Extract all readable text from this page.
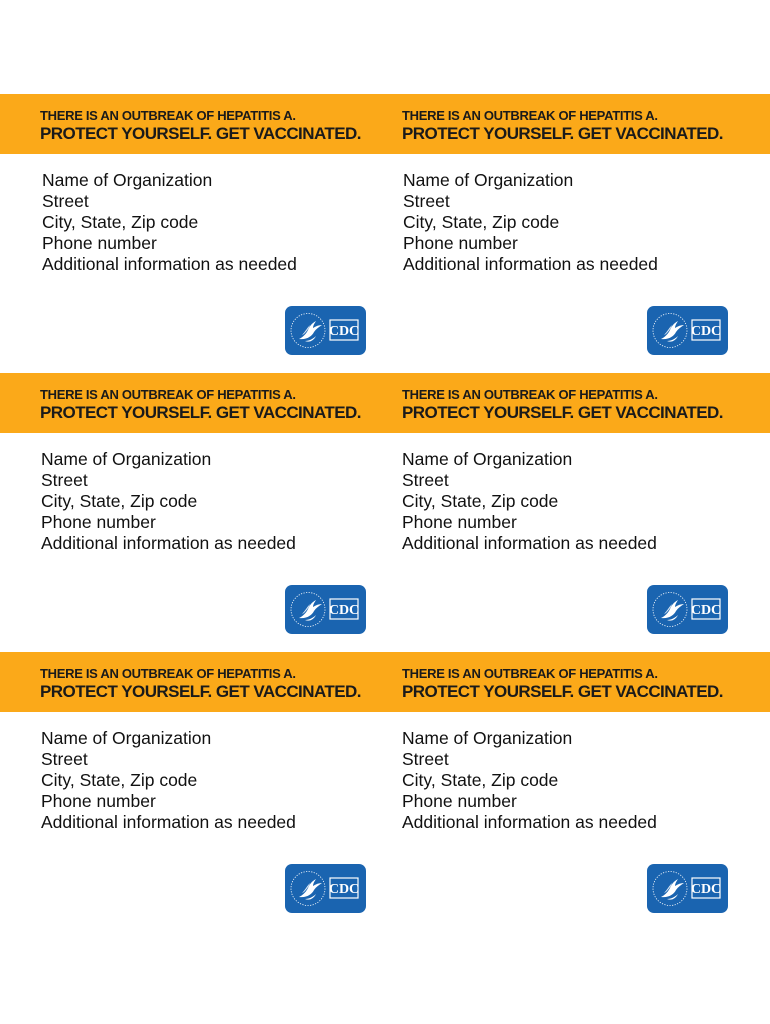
THERE IS AN OUTBREAK OF HEPATITIS A.
PROTECT YOURSELF. GET VACCINATED.
Name of Organization
Street
City, State, Zip code
Phone number
Additional information as needed
CDC
THERE IS AN OUTBREAK OF HEPATITIS A.
PROTECT YOURSELF. GET VACCINATED.
Name of Organization
Street
City, State, Zip code
Phone number
Additional information as needed
CDC
THERE IS AN OUTBREAK OF HEPATITIS A.
PROTECT YOURSELF. GET VACCINATED.
Name of Organization
Street
City, State, Zip code
Phone number
Additional information as needed
CDC
THERE IS AN OUTBREAK OF HEPATITIS A.
PROTECT YOURSELF. GET VACCINATED.
Name of Organization
Street
City, State, Zip code
Phone number
Additional information as needed
CDC
THERE IS AN OUTBREAK OF HEPATITIS A.
PROTECT YOURSELF. GET VACCINATED.
Name of Organization
Street
City, State, Zip code
Phone number
Additional information as needed
CDC
THERE IS AN OUTBREAK OF HEPATITIS A.
PROTECT YOURSELF. GET VACCINATED.
Name of Organization
Street
City, State, Zip code
Phone number
Additional information as needed
CDC
